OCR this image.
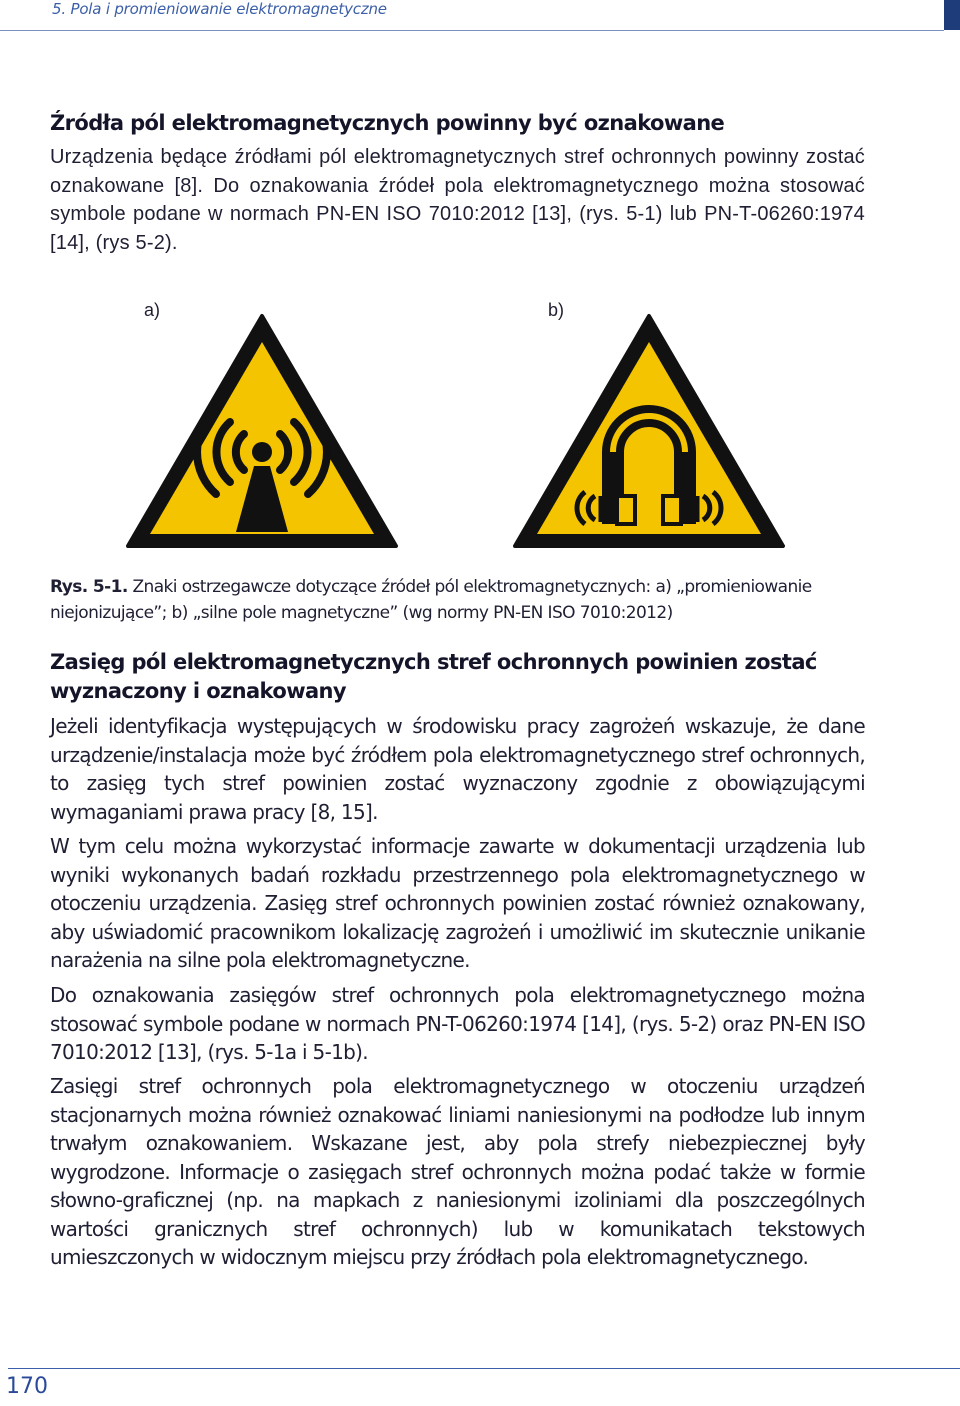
5. Pola i promieniowanie elektromagnetyczne
Źródła pól elektromagnetycznych powinny być oznakowane

Urządzenia będące źródłami pól elektromagnetycznych stref ochronnych powinny zostać oznakowane [8]. Do oznakowania źródeł pola elektromagnetycznego można stosować symbole podane w normach PN-EN ISO 7010:2012 [13], (rys. 5-1) lub PN-T-06260:1974 [14], (rys 5-2).

a)	b)
Rys. 5-1. Znaki ostrzegawcze dotyczące źródeł pól elektromagnetycznych: a) „promieniowanie niejonizujące”; b) „silne pole magnetyczne” (wg normy PN-EN ISO 7010:2012)
Zasięg pól elektromagnetycznych stref ochronnych powinien zostać wyznaczony i oznakowany

Jeżeli identyfikacja występujących w środowisku pracy zagrożeń wskazuje, że dane urządzenie/instalacja może być źródłem pola elektromagnetycznego stref ochronnych, to zasięg tych stref powinien zostać wyznaczony zgodnie z obowiązującymi wymaganiami prawa pracy [8, 15].

W tym celu można wykorzystać informacje zawarte w dokumentacji urządzenia lub wyniki wykonanych badań rozkładu przestrzennego pola elektromagnetycznego w otoczeniu urządzenia. Zasięg stref ochronnych powinien zostać również oznakowany, aby uświadomić pracownikom lokalizację zagrożeń i umożliwić im skutecznie unikanie narażenia na silne pola elektromagnetyczne.

Do oznakowania zasięgów stref ochronnych pola elektromagnetycznego można stosować symbole podane w normach PN-T-06260:1974 [14], (rys. 5-2) oraz PN-EN ISO 7010:2012 [13], (rys. 5-1a i 5-1b).

Zasięgi stref ochronnych pola elektromagnetycznego w otoczeniu urządzeń stacjonarnych można również oznakować liniami naniesionymi na podłodze lub innym trwałym oznakowaniem. Wskazane jest, aby pola strefy niebezpiecznej były wygrodzone. Informacje o zasięgach stref ochronnych można podać także w formie słowno-graficznej (np. na mapkach z naniesionymi izoliniami dla poszczególnych wartości granicznych stref ochronnych) lub w komunikatach tekstowych umieszczonych w widocznym miejscu przy źródłach pola elektromagnetycznego.

170
